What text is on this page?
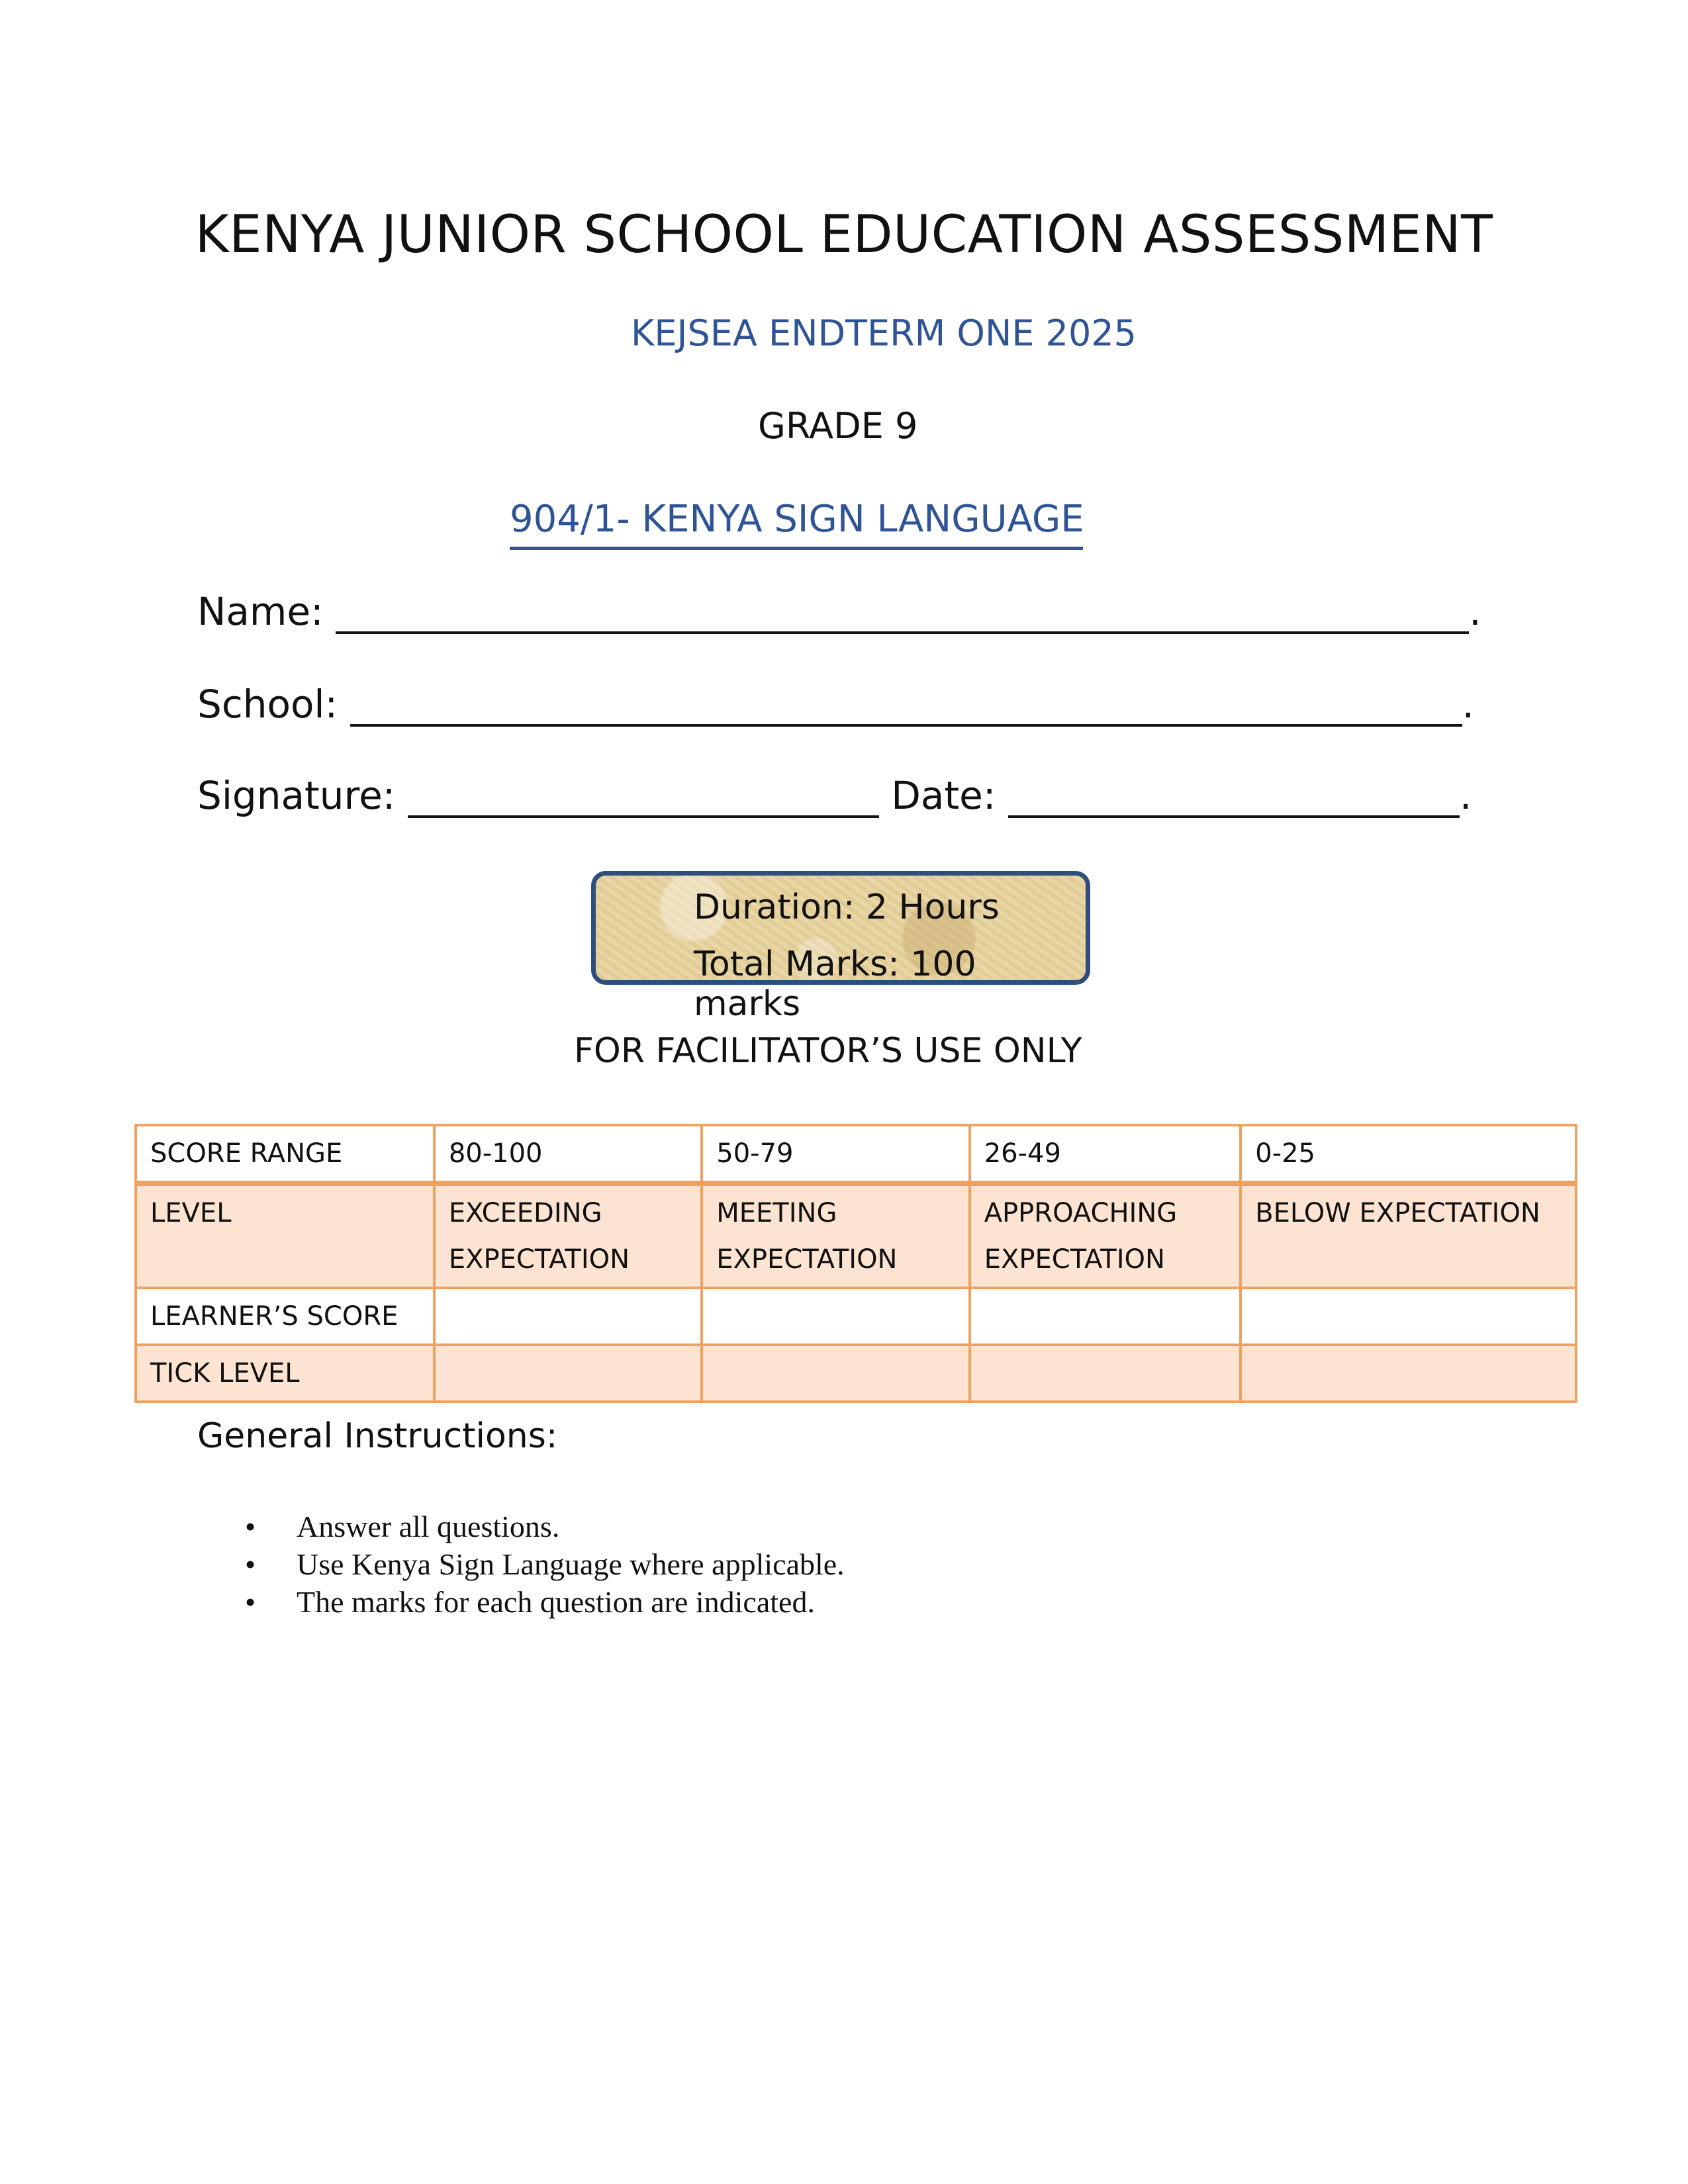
KENYA JUNIOR SCHOOL EDUCATION ASSESSMENT
KEJSEA ENDTERM ONE 2025
GRADE 9
904/1- KENYA SIGN LANGUAGE
Name:	.
School:	.
Signature:	Date:	.
Duration: 2 Hours
Total Marks: 100 marks
FOR FACILITATOR’S USE ONLY
SCORE RANGE	80-100	50-79	26-49	0-25
LEVEL	EXCEEDING EXPECTATION	MEETING EXPECTATION	APPROACHING EXPECTATION	BELOW EXPECTATION
LEARNER’S SCORE				
TICK LEVEL				
General Instructions:
• Answer all questions.
• Use Kenya Sign Language where applicable.
• The marks for each question are indicated.
